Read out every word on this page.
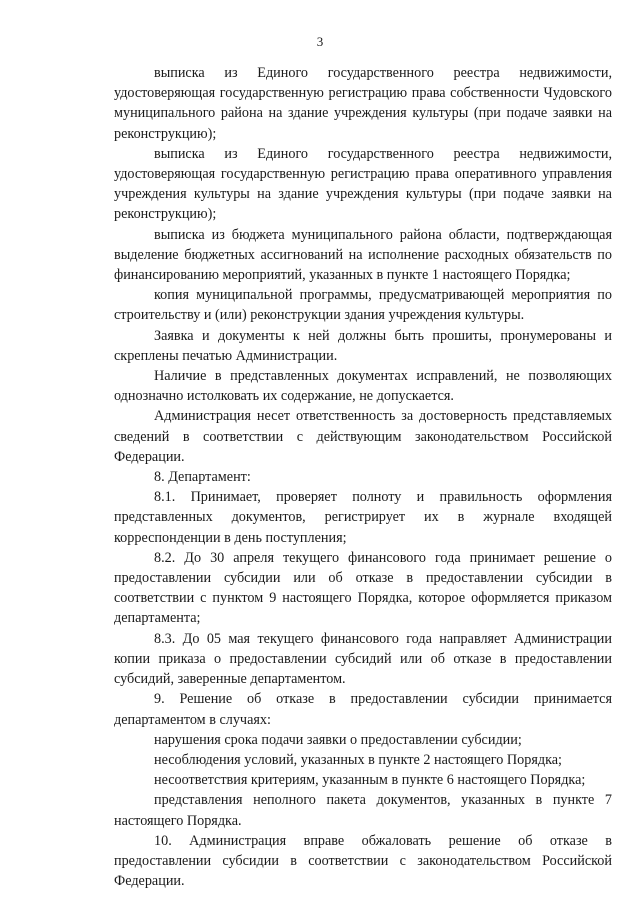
3

выписка из Единого государственного реестра недвижимости, удостоверяющая государственную регистрацию права собственности Чудовского муниципального района на здание учреждения культуры (при подаче заявки на реконструкцию);

выписка из Единого государственного реестра недвижимости, удостоверяющая государственную регистрацию права оперативного управления учреждения культуры на здание учреждения культуры (при подаче заявки на реконструкцию);

выписка из бюджета муниципального района области, подтверждающая выделение бюджетных ассигнований на исполнение расходных обязательств по финансированию мероприятий, указанных в пункте 1 настоящего Порядка;

копия муниципальной программы, предусматривающей мероприятия по строительству и (или) реконструкции здания учреждения культуры.

Заявка и документы к ней должны быть прошиты, пронумерованы и скреплены печатью Администрации.

Наличие в представленных документах исправлений, не позволяющих однозначно истолковать их содержание, не допускается.

Администрация несет ответственность за достоверность представляемых сведений в соответствии с действующим законодательством Российской Федерации.

8. Департамент:

8.1. Принимает, проверяет полноту и правильность оформления представленных документов, регистрирует их в журнале входящей корреспонденции в день поступления;

8.2. До 30 апреля текущего финансового года принимает решение о предоставлении субсидии или об отказе в предоставлении субсидии в соответствии с пунктом 9 настоящего Порядка, которое оформляется приказом департамента;

8.3. До 05 мая текущего финансового года направляет Администрации копии приказа о предоставлении субсидий или об отказе в предоставлении субсидий, заверенные департаментом.

9. Решение об отказе в предоставлении субсидии принимается департаментом в случаях:

нарушения срока подачи заявки о предоставлении субсидии;

несоблюдения условий, указанных в пункте 2 настоящего Порядка;

несоответствия критериям, указанным в пункте 6 настоящего Порядка;

представления неполного пакета документов, указанных в пункте 7 настоящего Порядка.

10. Администрация вправе обжаловать решение об отказе в предоставлении субсидии в соответствии с законодательством Российской Федерации.
